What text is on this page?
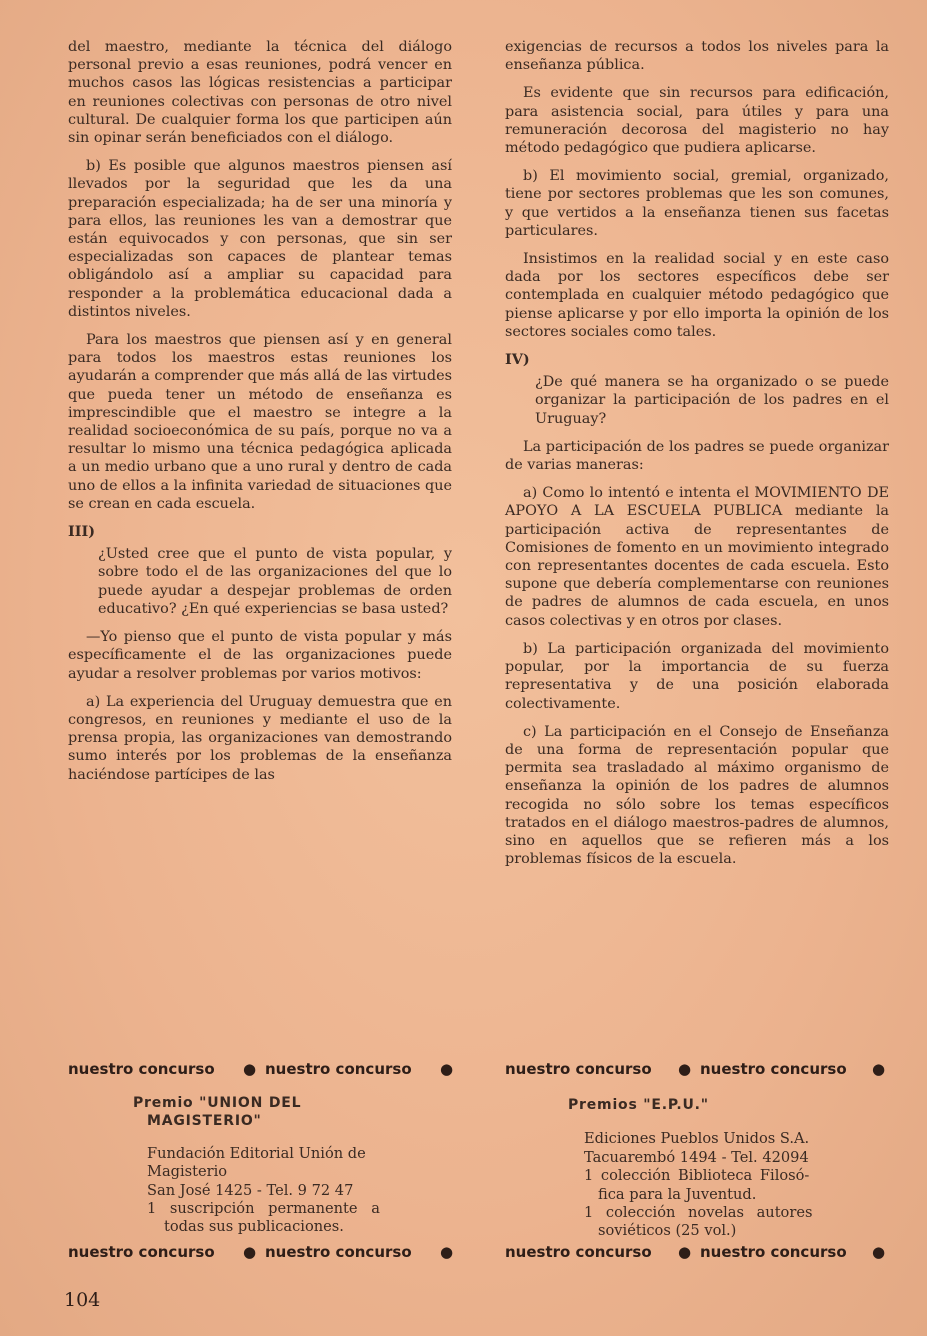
del maestro, mediante la técnica del diálogo personal previo a esas reuniones, podrá vencer en muchos casos las lógicas resistencias a participar en reuniones colectivas con personas de otro nivel cultural. De cualquier forma los que participen aún sin opinar serán beneficiados con el diálogo.

b) Es posible que algunos maestros piensen así llevados por la seguridad que les da una preparación especializada; ha de ser una minoría y para ellos, las reuniones les van a demostrar que están equivocados y con personas, que sin ser especializadas son capaces de plantear temas obligándolo así a ampliar su capacidad para responder a la problemática educacional dada a distintos niveles.

Para los maestros que piensen así y en general para todos los maestros estas reuniones los ayudarán a comprender que más allá de las virtudes que pueda tener un método de enseñanza es imprescindible que el maestro se integre a la realidad socioeconómica de su país, porque no va a resultar lo mismo una técnica pedagógica aplicada a un medio urbano que a uno rural y dentro de cada uno de ellos a la infinita variedad de situaciones que se crean en cada escuela.

III)

¿Usted cree que el punto de vista popular, y sobre todo el de las organizaciones del que lo puede ayudar a despejar problemas de orden educativo? ¿En qué experiencias se basa usted?

—Yo pienso que el punto de vista popular y más específicamente el de las organizaciones puede ayudar a resolver problemas por varios motivos:

a) La experiencia del Uruguay demuestra que en congresos, en reuniones y mediante el uso de la prensa propia, las organizaciones van demostrando sumo interés por los problemas de la enseñanza haciéndose partícipes de las

exigencias de recursos a todos los niveles para la enseñanza pública.

Es evidente que sin recursos para edificación, para asistencia social, para útiles y para una remuneración decorosa del magisterio no hay método pedagógico que pudiera aplicarse.

b) El movimiento social, gremial, organizado, tiene por sectores problemas que les son comunes, y que vertidos a la enseñanza tienen sus facetas particulares.

Insistimos en la realidad social y en este caso dada por los sectores específicos debe ser contemplada en cualquier método pedagógico que piense aplicarse y por ello importa la opinión de los sectores sociales como tales.

IV)

¿De qué manera se ha organizado o se puede organizar la participación de los padres en el Uruguay?

La participación de los padres se puede organizar de varias maneras:

a) Como lo intentó e intenta el MOVIMIENTO DE APOYO A LA ESCUELA PUBLICA mediante la participación activa de representantes de Comisiones de fomento en un movimiento integrado con representantes docentes de cada escuela. Esto supone que debería complementarse con reuniones de padres de alumnos de cada escuela, en unos casos colectivas y en otros por clases.

b) La participación organizada del movimiento popular, por la importancia de su fuerza representativa y de una posición elaborada colectivamente.

c) La participación en el Consejo de Enseñanza de una forma de representación popular que permita sea trasladado al máximo organismo de enseñanza la opinión de los padres de alumnos recogida no sólo sobre los temas específicos tratados en el diálogo maestros-padres de alumnos, sino en aquellos que se refieren más a los problemas físicos de la escuela.

nuestro concurso ● nuestro concurso ●	nuestro concurso ● nuestro concurso ●

Premio "UNION DEL

MAGISTERIO"

Fundación Editorial Unión de

Magisterio

San José 1425 - Tel. 9 72 47

1 suscripción permanente a

todas sus publicaciones.

Premios "E.P.U."

Ediciones Pueblos Unidos S.A.

Tacuarembó 1494 - Tel. 42094

1 colección Biblioteca Filosó-

fica para la Juventud.

1 colección novelas autores

soviéticos (25 vol.)

nuestro concurso ● nuestro concurso ●	nuestro concurso ● nuestro concurso ●
104
